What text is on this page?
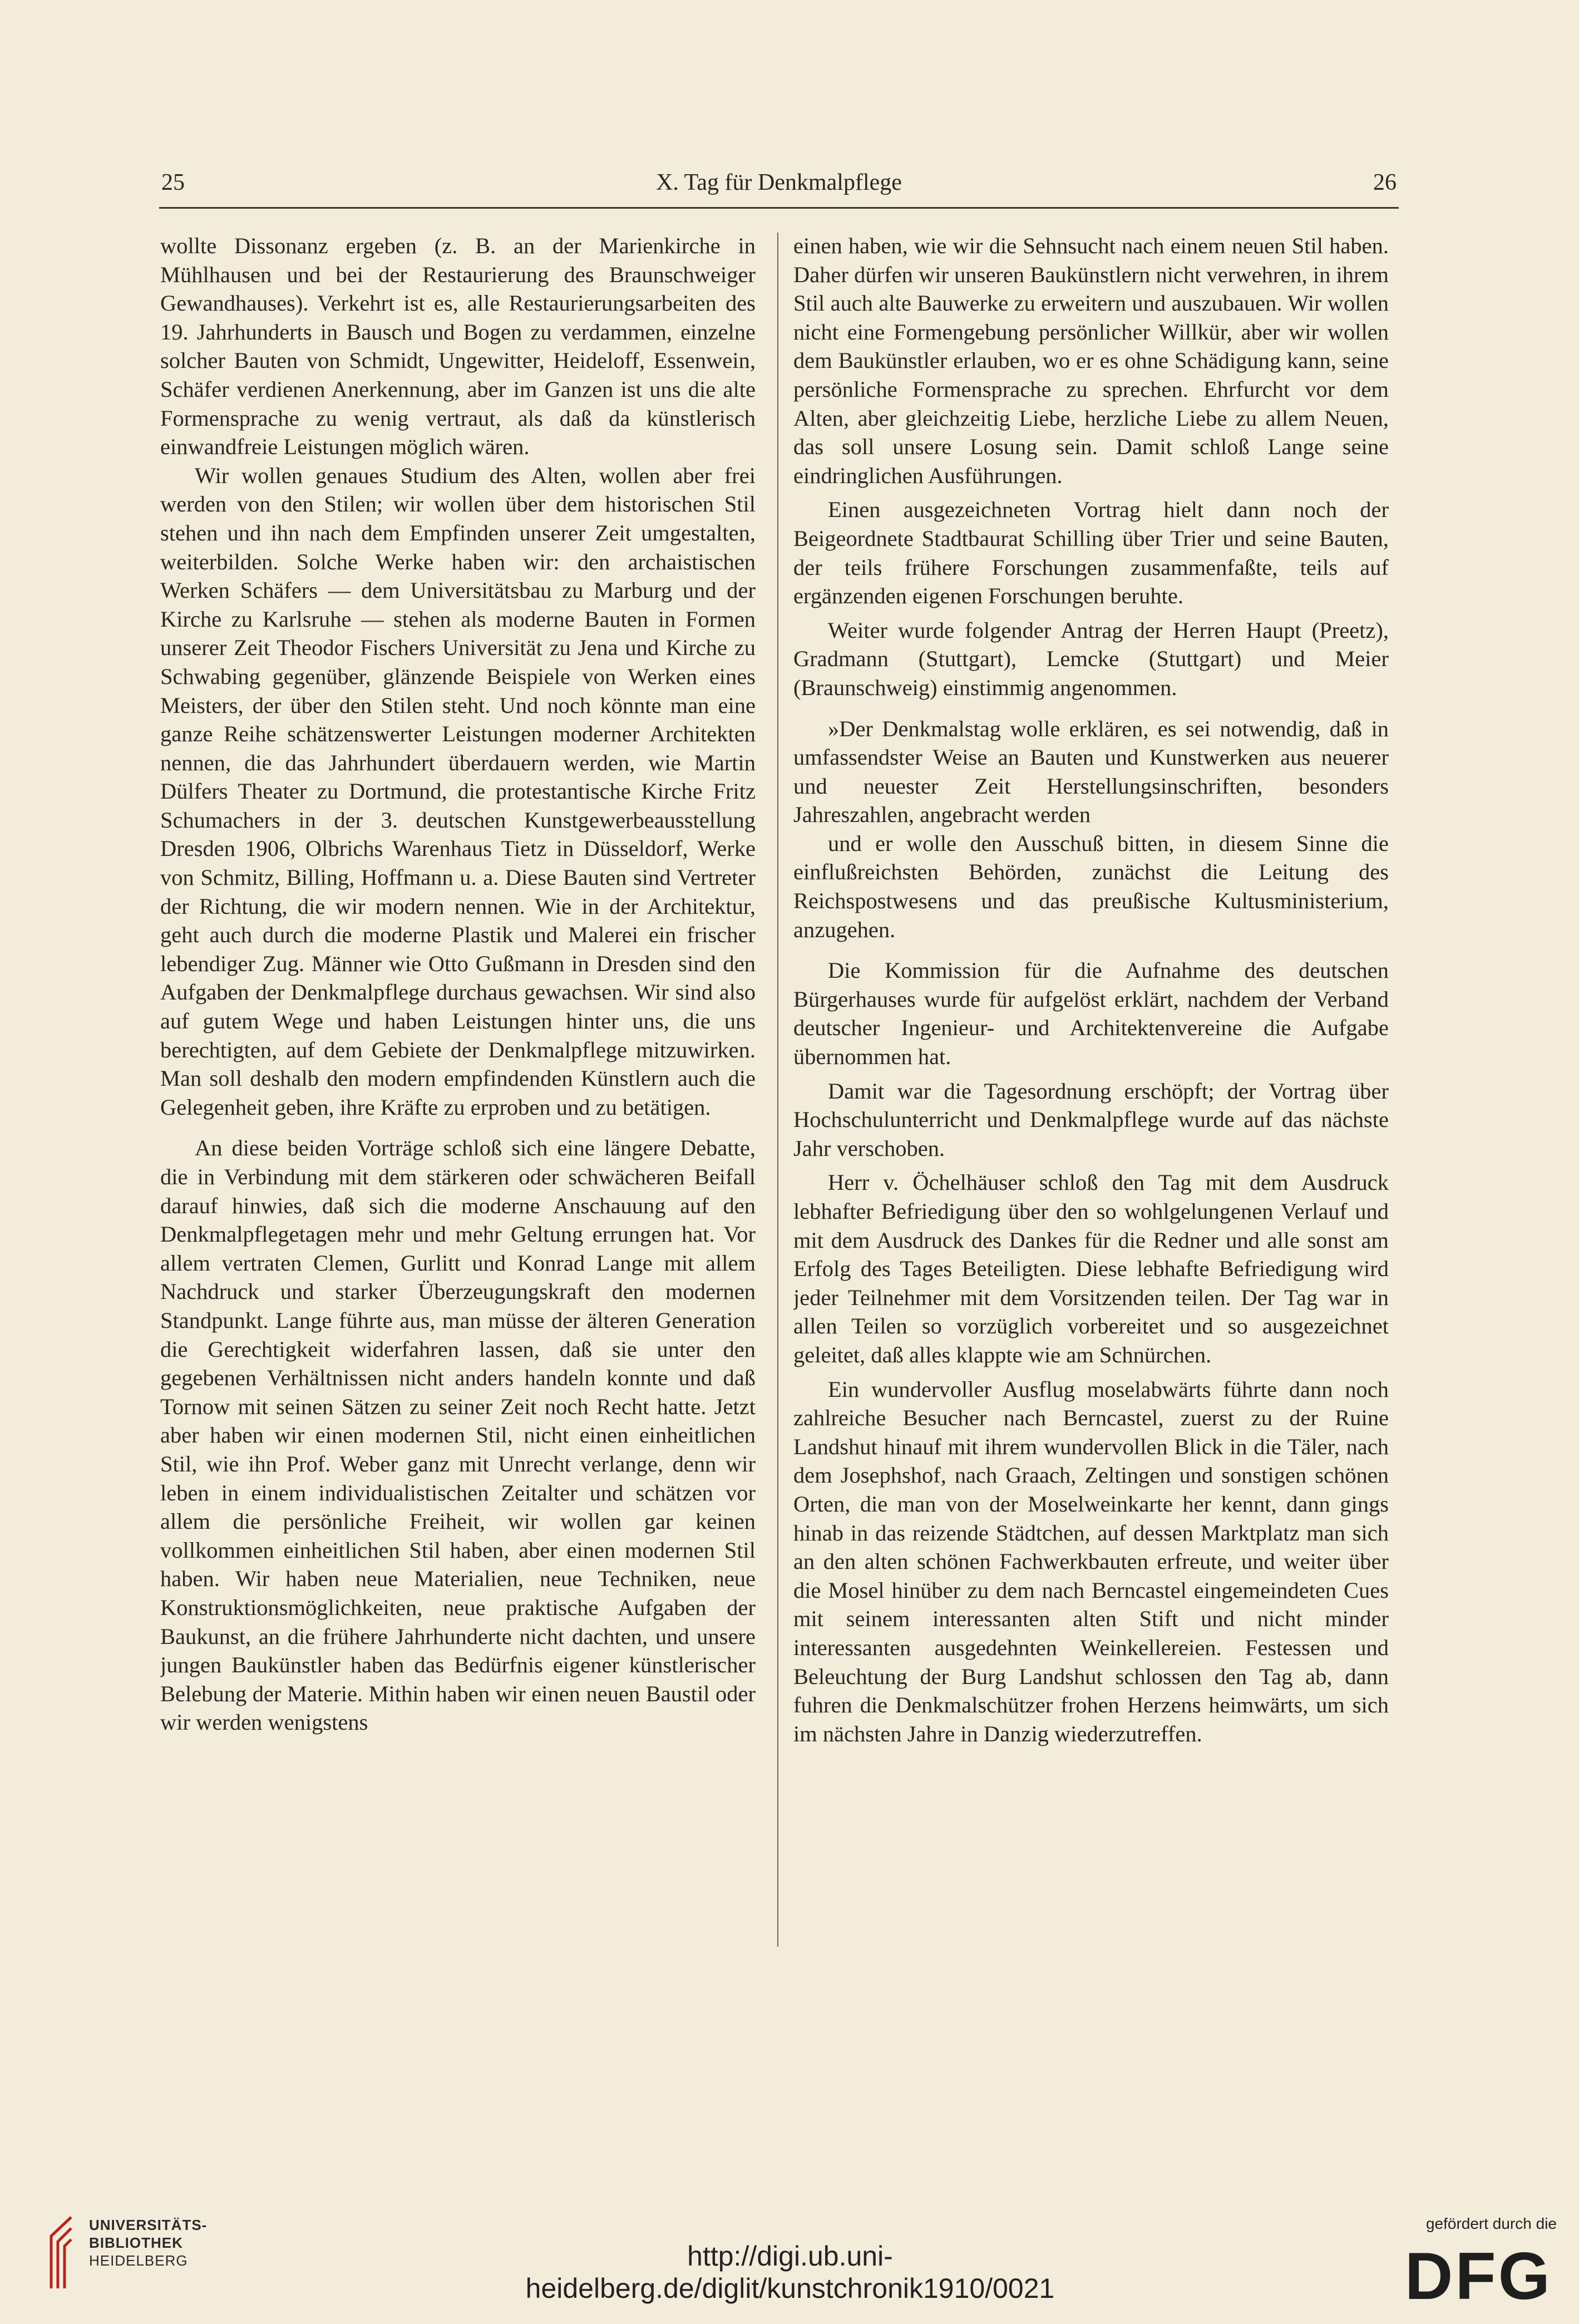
25	X. Tag für Denkmalpflege	26

wollte Dissonanz ergeben (z. B. an der Marienkirche in Mühlhausen und bei der Restaurierung des Braunschweiger Gewandhauses). Verkehrt ist es, alle Restaurierungsarbeiten des 19. Jahrhunderts in Bausch und Bogen zu verdammen, einzelne solcher Bauten von Schmidt, Ungewitter, Heideloff, Essenwein, Schäfer verdienen Anerkennung, aber im Ganzen ist uns die alte Formensprache zu wenig vertraut, als daß da künstlerisch einwandfreie Leistungen möglich wären.

Wir wollen genaues Studium des Alten, wollen aber frei werden von den Stilen; wir wollen über dem historischen Stil stehen und ihn nach dem Empfinden unserer Zeit umgestalten, weiterbilden. Solche Werke haben wir: den archaistischen Werken Schäfers — dem Universitätsbau zu Marburg und der Kirche zu Karlsruhe — stehen als moderne Bauten in Formen unserer Zeit Theodor Fischers Universität zu Jena und Kirche zu Schwabing gegenüber, glänzende Beispiele von Werken eines Meisters, der über den Stilen steht. Und noch könnte man eine ganze Reihe schätzenswerter Leistungen moderner Architekten nennen, die das Jahrhundert überdauern werden, wie Martin Dülfers Theater zu Dortmund, die protestantische Kirche Fritz Schumachers in der 3. deutschen Kunstgewerbeausstellung Dresden 1906, Olbrichs Warenhaus Tietz in Düsseldorf, Werke von Schmitz, Billing, Hoffmann u. a. Diese Bauten sind Vertreter der Richtung, die wir modern nennen. Wie in der Architektur, geht auch durch die moderne Plastik und Malerei ein frischer lebendiger Zug. Männer wie Otto Gußmann in Dresden sind den Aufgaben der Denkmalpflege durchaus gewachsen. Wir sind also auf gutem Wege und haben Leistungen hinter uns, die uns berechtigten, auf dem Gebiete der Denkmalpflege mitzuwirken. Man soll deshalb den modern empfindenden Künstlern auch die Gelegenheit geben, ihre Kräfte zu erproben und zu betätigen.

An diese beiden Vorträge schloß sich eine längere Debatte, die in Verbindung mit dem stärkeren oder schwächeren Beifall darauf hinwies, daß sich die moderne Anschauung auf den Denkmalpflegetagen mehr und mehr Geltung errungen hat. Vor allem vertraten Clemen, Gurlitt und Konrad Lange mit allem Nachdruck und starker Überzeugungskraft den modernen Standpunkt. Lange führte aus, man müsse der älteren Generation die Gerechtigkeit widerfahren lassen, daß sie unter den gegebenen Verhältnissen nicht anders handeln konnte und daß Tornow mit seinen Sätzen zu seiner Zeit noch Recht hatte. Jetzt aber haben wir einen modernen Stil, nicht einen einheitlichen Stil, wie ihn Prof. Weber ganz mit Unrecht verlange, denn wir leben in einem individualistischen Zeitalter und schätzen vor allem die persönliche Freiheit, wir wollen gar keinen vollkommen einheitlichen Stil haben, aber einen modernen Stil haben. Wir haben neue Materialien, neue Techniken, neue Konstruktionsmöglichkeiten, neue praktische Aufgaben der Baukunst, an die frühere Jahrhunderte nicht dachten, und unsere jungen Baukünstler haben das Bedürfnis eigener künstlerischer Belebung der Materie. Mithin haben wir einen neuen Baustil oder wir werden wenigstens

einen haben, wie wir die Sehnsucht nach einem neuen Stil haben. Daher dürfen wir unseren Baukünstlern nicht verwehren, in ihrem Stil auch alte Bauwerke zu erweitern und auszubauen. Wir wollen nicht eine Formengebung persönlicher Willkür, aber wir wollen dem Baukünstler erlauben, wo er es ohne Schädigung kann, seine persönliche Formensprache zu sprechen. Ehrfurcht vor dem Alten, aber gleichzeitig Liebe, herzliche Liebe zu allem Neuen, das soll unsere Losung sein. Damit schloß Lange seine eindringlichen Ausführungen.

Einen ausgezeichneten Vortrag hielt dann noch der Beigeordnete Stadtbaurat Schilling über Trier und seine Bauten, der teils frühere Forschungen zusammenfaßte, teils auf ergänzenden eigenen Forschungen beruhte.

Weiter wurde folgender Antrag der Herren Haupt (Preetz), Gradmann (Stuttgart), Lemcke (Stuttgart) und Meier (Braunschweig) einstimmig angenommen.

»Der Denkmalstag wolle erklären, es sei notwendig, daß in umfassendster Weise an Bauten und Kunstwerken aus neuerer und neuester Zeit Herstellungsinschriften, besonders Jahreszahlen, angebracht werden

und er wolle den Ausschuß bitten, in diesem Sinne die einflußreichsten Behörden, zunächst die Leitung des Reichspostwesens und das preußische Kultusministerium, anzugehen.

Die Kommission für die Aufnahme des deutschen Bürgerhauses wurde für aufgelöst erklärt, nachdem der Verband deutscher Ingenieur- und Architektenvereine die Aufgabe übernommen hat.

Damit war die Tagesordnung erschöpft; der Vortrag über Hochschulunterricht und Denkmalpflege wurde auf das nächste Jahr verschoben.

Herr v. Öchelhäuser schloß den Tag mit dem Ausdruck lebhafter Befriedigung über den so wohlgelungenen Verlauf und mit dem Ausdruck des Dankes für die Redner und alle sonst am Erfolg des Tages Beteiligten. Diese lebhafte Befriedigung wird jeder Teilnehmer mit dem Vorsitzenden teilen. Der Tag war in allen Teilen so vorzüglich vorbereitet und so ausgezeichnet geleitet, daß alles klappte wie am Schnürchen.

Ein wundervoller Ausflug moselabwärts führte dann noch zahlreiche Besucher nach Berncastel, zuerst zu der Ruine Landshut hinauf mit ihrem wundervollen Blick in die Täler, nach dem Josephshof, nach Graach, Zeltingen und sonstigen schönen Orten, die man von der Moselweinkarte her kennt, dann gings hinab in das reizende Städtchen, auf dessen Marktplatz man sich an den alten schönen Fachwerkbauten erfreute, und weiter über die Mosel hinüber zu dem nach Berncastel eingemeindeten Cues mit seinem interessanten alten Stift und nicht minder interessanten ausgedehnten Weinkellereien. Festessen und Beleuchtung der Burg Landshut schlossen den Tag ab, dann fuhren die Denkmalschützer frohen Herzens heimwärts, um sich im nächsten Jahre in Danzig wiederzutreffen.

UNIVERSITÄTS-
BIBLIOTHEK
HEIDELBERG	http://digi.ub.uni-heidelberg.de/diglit/kunstchronik1910/0021
gefördert durch die
DFG
